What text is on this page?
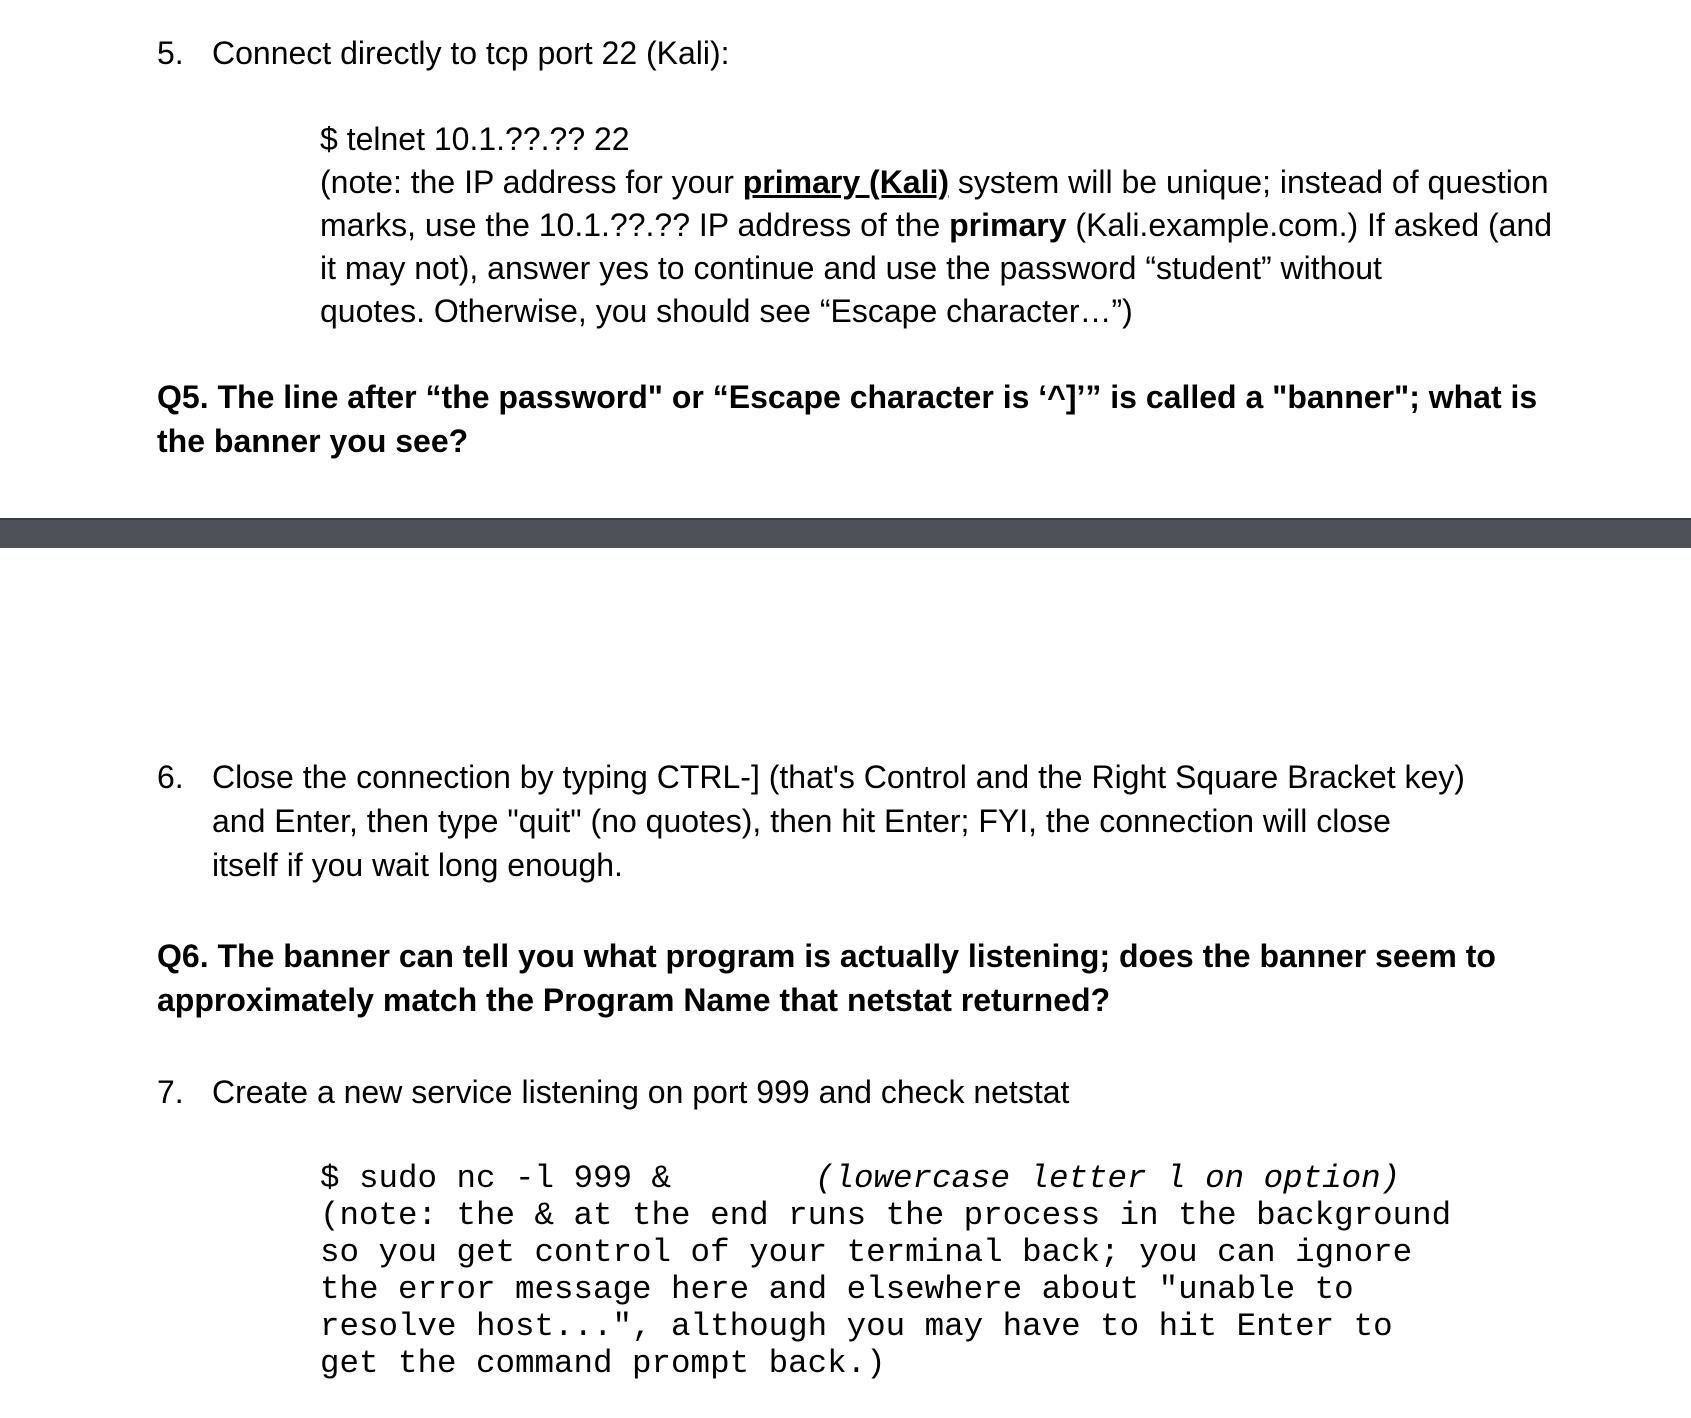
5. Connect directly to tcp port 22 (Kali):
$ telnet 10.1.??.?? 22
(note: the IP address for your primary (Kali) system will be unique; instead of question
marks, use the 10.1.??.?? IP address of the primary (Kali.example.com.) If asked (and
it may not), answer yes to continue and use the password “student” without
quotes. Otherwise, you should see “Escape character…”)
Q5. The line after “the password" or “Escape character is ‘^]’” is called a "banner"; what is
the banner you see?
6. Close the connection by typing CTRL-] (that's Control and the Right Square Bracket key)
and Enter, then type "quit" (no quotes), then hit Enter; FYI, the connection will close
itself if you wait long enough.
Q6. The banner can tell you what program is actually listening; does the banner seem to
approximately match the Program Name that netstat returned?
7. Create a new service listening on port 999 and check netstat
$ sudo nc -l 999 &	(lowercase letter l on option)
(note: the & at the end runs the process in the background
so you get control of your terminal back; you can ignore
the error message here and elsewhere about "unable to
resolve host...", although you may have to hit Enter to
get the command prompt back.)
